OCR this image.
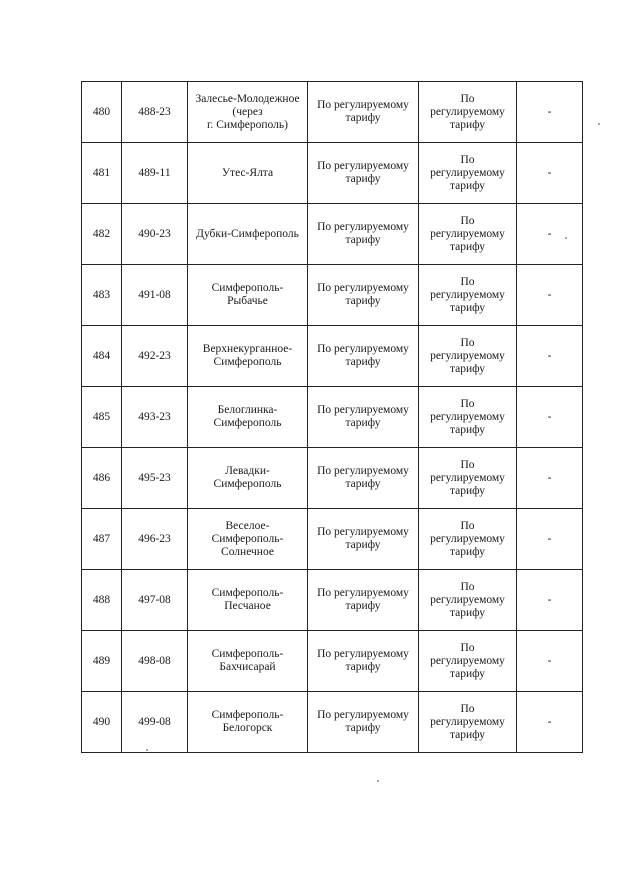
480	488-23	Залесье-Молодежное
(через
г. Симферополь)	По регулируемому
тарифу	По
регулируемому
тарифу	-

481	489-11	Утес-Ялта	По регулируемому
тарифу	По
регулируемому
тарифу	-

482	490-23	Дубки-Симферополь	По регулируемому
тарифу	По
регулируемому
тарифу	-

483	491-08	Симферополь-
Рыбачье	По регулируемому
тарифу	По
регулируемому
тарифу	-

484	492-23	Верхнекурганное-
Симферополь	По регулируемому
тарифу	По
регулируемому
тарифу	-

485	493-23	Белоглинка-
Симферополь	По регулируемому
тарифу	По
регулируемому
тарифу	-

486	495-23	Левадки-
Симферополь	По регулируемому
тарифу	По
регулируемому
тарифу	-

487	496-23	Веселое-
Симферополь-
Солнечное	По регулируемому
тарифу	По
регулируемому
тарифу	-

488	497-08	Симферополь-
Песчаное	По регулируемому
тарифу	По
регулируемому
тарифу	-

489	498-08	Симферополь-
Бахчисарай	По регулируемому
тарифу	По
регулируемому
тарифу	-

490	499-08	Симферополь-
Белогорск	По регулируемому
тарифу	По
регулируемому
тарифу	-
